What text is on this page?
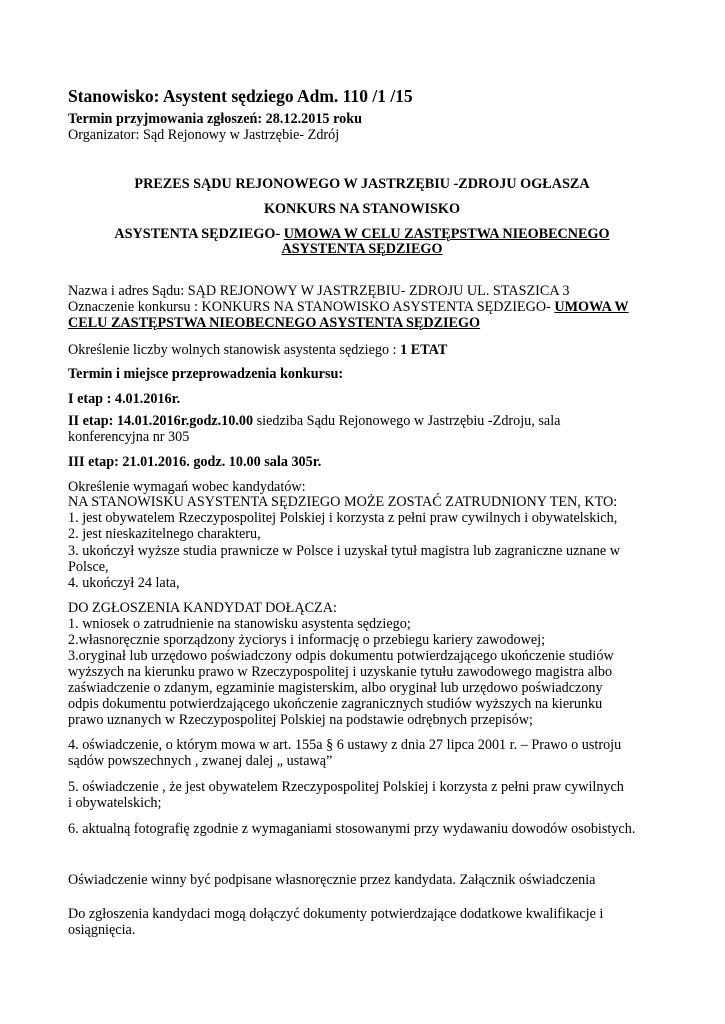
Stanowisko: Asystent sędziego Adm. 110 /1 /15

Termin przyjmowania zgłoszeń: 28.12.2015 roku

Organizator: Sąd Rejonowy w Jastrzębie- Zdrój

PREZES SĄDU REJONOWEGO W JASTRZĘBIU -ZDROJU OGŁASZA

KONKURS NA STANOWISKO

ASYSTENTA SĘDZIEGO- UMOWA W CELU ZASTĘPSTWA NIEOBECNEGO

ASYSTENTA SĘDZIEGO

Nazwa i adres Sądu: SĄD REJONOWY W JASTRZĘBIU- ZDROJU UL. STASZICA 3

Oznaczenie konkursu : KONKURS NA STANOWISKO ASYSTENTA SĘDZIEGO- UMOWA W

CELU ZASTĘPSTWA NIEOBECNEGO ASYSTENTA SĘDZIEGO

Określenie liczby wolnych stanowisk asystenta sędziego : 1 ETAT

Termin i miejsce przeprowadzenia konkursu:

I etap : 4.01.2016r.

II etap: 14.01.2016r.godz.10.00 siedziba Sądu Rejonowego w Jastrzębiu -Zdroju, sala

konferencyjna nr 305

III etap: 21.01.2016. godz. 10.00 sala 305r.

Określenie wymagań wobec kandydatów:

NA STANOWISKU ASYSTENTA SĘDZIEGO MOŻE ZOSTAĆ ZATRUDNIONY TEN, KTO:

1. jest obywatelem Rzeczypospolitej Polskiej i korzysta z pełni praw cywilnych i obywatelskich,

2. jest nieskazitelnego charakteru,

3. ukończył wyższe studia prawnicze w Polsce i uzyskał tytuł magistra lub zagraniczne uznane w

Polsce,

4. ukończył 24 lata,

DO ZGŁOSZENIA KANDYDAT DOŁĄCZA:

1. wniosek o zatrudnienie na stanowisku asystenta sędziego;

2.własnoręcznie sporządzony życiorys i informację o przebiegu kariery zawodowej;

3.oryginał lub urzędowo poświadczony odpis dokumentu potwierdzającego ukończenie studiów

wyższych na kierunku prawo w Rzeczypospolitej i uzyskanie tytułu zawodowego magistra albo

zaświadczenie o zdanym, egzaminie magisterskim, albo oryginał lub urzędowo poświadczony

odpis dokumentu potwierdzającego ukończenie zagranicznych studiów wyższych na kierunku

prawo uznanych w Rzeczypospolitej Polskiej na podstawie odrębnych przepisów;

4. oświadczenie, o którym mowa w art. 155a § 6 ustawy z dnia 27 lipca 2001 r. – Prawo o ustroju

sądów powszechnych , zwanej dalej „ ustawą”

5. oświadczenie , że jest obywatelem Rzeczypospolitej Polskiej i korzysta z pełni praw cywilnych

i obywatelskich;

6. aktualną fotografię zgodnie z wymaganiami stosowanymi przy wydawaniu dowodów osobistych.

Oświadczenie winny być podpisane własnoręcznie przez kandydata. Załącznik oświadczenia

Do zgłoszenia kandydaci mogą dołączyć dokumenty potwierdzające dodatkowe kwalifikacje i

osiągnięcia.
